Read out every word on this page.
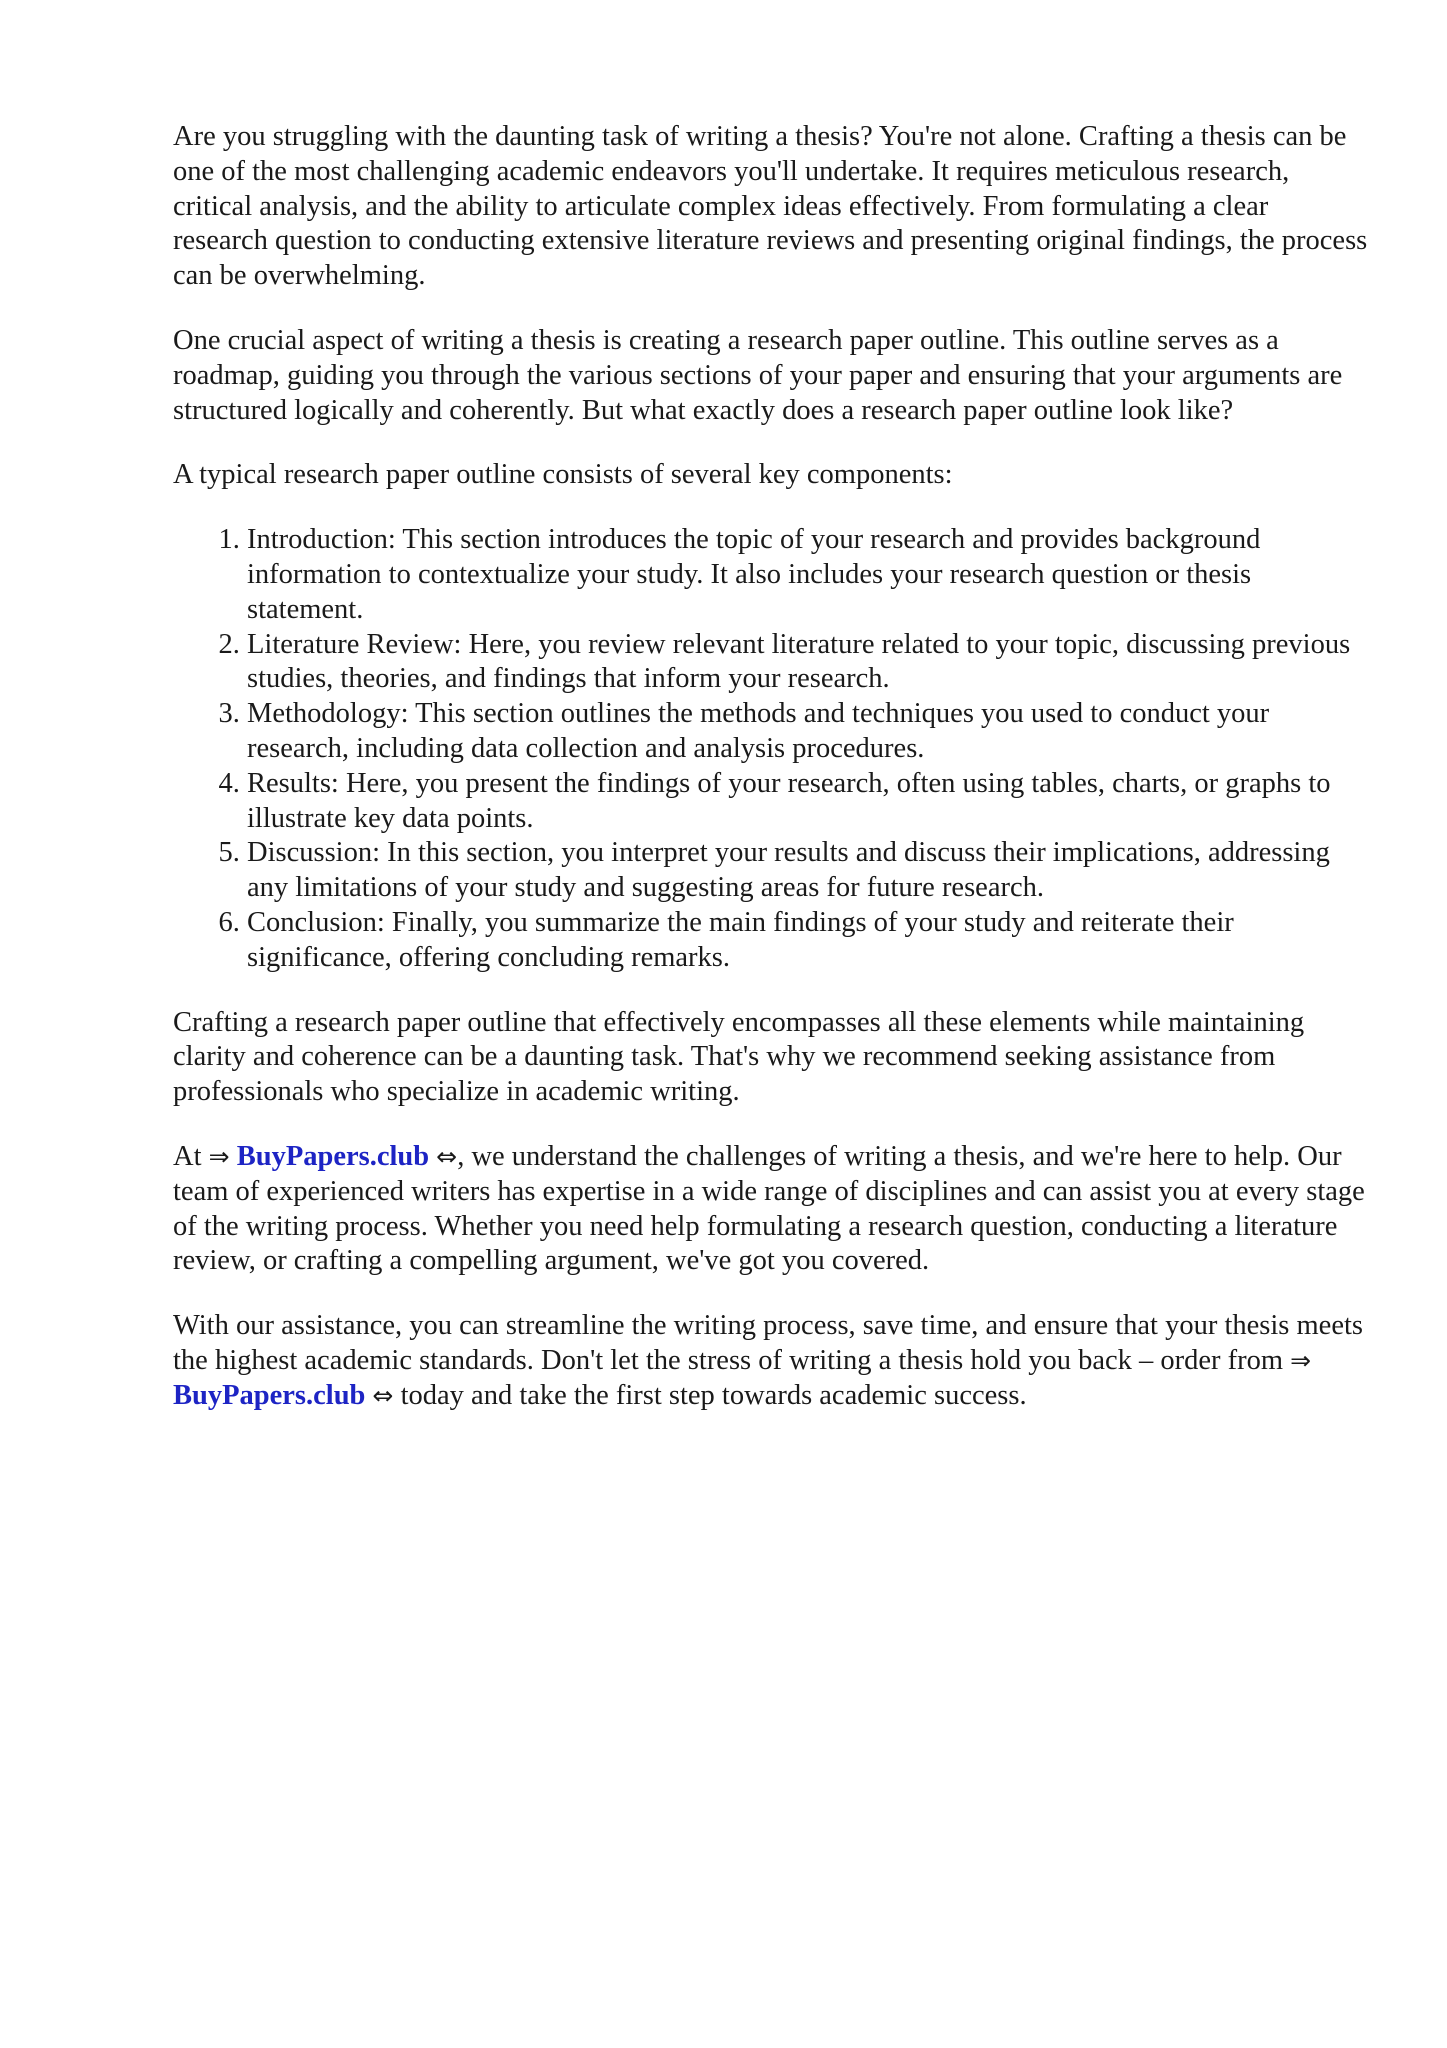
Are you struggling with the daunting task of writing a thesis? You're not alone. Crafting a thesis can be one of the most challenging academic endeavors you'll undertake. It requires meticulous research, critical analysis, and the ability to articulate complex ideas effectively. From formulating a clear research question to conducting extensive literature reviews and presenting original findings, the process can be overwhelming.

One crucial aspect of writing a thesis is creating a research paper outline. This outline serves as a roadmap, guiding you through the various sections of your paper and ensuring that your arguments are structured logically and coherently. But what exactly does a research paper outline look like?

A typical research paper outline consists of several key components:

1. Introduction: This section introduces the topic of your research and provides background information to contextualize your study. It also includes your research question or thesis statement.
2. Literature Review: Here, you review relevant literature related to your topic, discussing previous studies, theories, and findings that inform your research.
3. Methodology: This section outlines the methods and techniques you used to conduct your research, including data collection and analysis procedures.
4. Results: Here, you present the findings of your research, often using tables, charts, or graphs to illustrate key data points.
5. Discussion: In this section, you interpret your results and discuss their implications, addressing any limitations of your study and suggesting areas for future research.
6. Conclusion: Finally, you summarize the main findings of your study and reiterate their significance, offering concluding remarks.

Crafting a research paper outline that effectively encompasses all these elements while maintaining clarity and coherence can be a daunting task. That's why we recommend seeking assistance from professionals who specialize in academic writing.

At ⇒ BuyPapers.club ⇔, we understand the challenges of writing a thesis, and we're here to help. Our team of experienced writers has expertise in a wide range of disciplines and can assist you at every stage of the writing process. Whether you need help formulating a research question, conducting a literature review, or crafting a compelling argument, we've got you covered.

With our assistance, you can streamline the writing process, save time, and ensure that your thesis meets the highest academic standards. Don't let the stress of writing a thesis hold you back – order from ⇒ BuyPapers.club ⇔ today and take the first step towards academic success.
